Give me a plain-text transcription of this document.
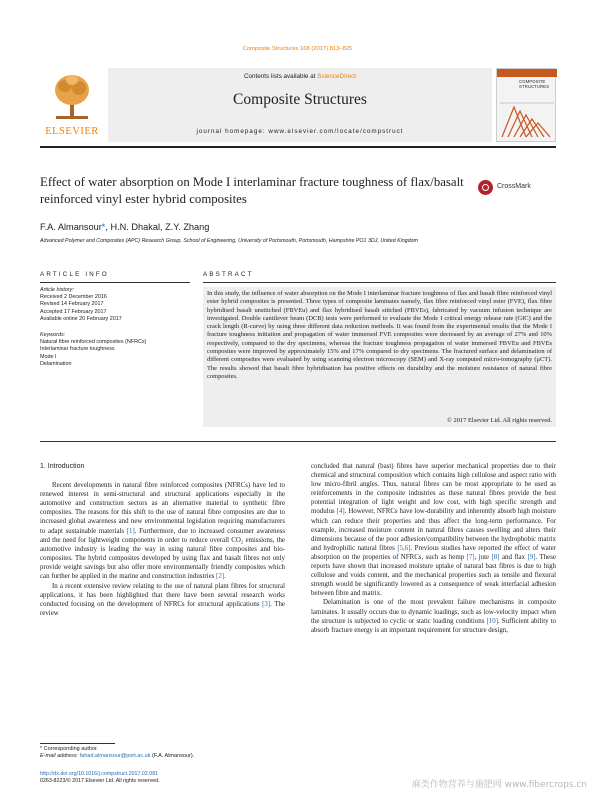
Composite Structures 168 (2017) 813–825
ELSEVIER
Contents lists available at ScienceDirect
Composite Structures
journal homepage: www.elsevier.com/locate/compstruct
COMPOSITE
STRUCTURES
Effect of water absorption on Mode I interlaminar fracture toughness of flax/basalt reinforced vinyl ester hybrid composites
CrossMark
F.A. Almansour*, H.N. Dhakal, Z.Y. Zhang
Advanced Polymer and Composites (APC) Research Group, School of Engineering, University of Portsmouth, Portsmouth, Hampshire PO1 3DJ, United Kingdom
ARTICLE INFO	ABSTRACT
Article history:
Received 2 December 2016
Revised 14 February 2017
Accepted 17 February 2017
Available online 20 February 2017
Keywords:
Natural fibre reinforced composites (NFRCs)
Interlaminar fracture toughness
Mode I
Delamination
In this study, the influence of water absorption on the Mode I interlaminar fracture toughness of flax and basalt fibre reinforced vinyl ester hybrid composites is presented. Three types of composite laminates namely, flax fibre reinforced vinyl ester (FVE), flax fibre hybridised basalt unstitched (FBVEu) and flax hybridised basalt stitched (FBVEs), fabricated by vacuum infusion technique are investigated. Double cantilever beam (DCB) tests were performed to evaluate the Mode I critical energy release rate (GIC) and the crack length (R-curve) by using three different data reduction methods. It was found from the experimental results that the Mode I fracture toughness initiation and propagation of water immersed FVE composites were decreased by an average of 27% and 10% respectively, compared to the dry specimens, whereas the fracture toughness propagation of water immersed FBVEu and FBVEs composites were improved by approximately 15% and 17% compared to dry specimens. The fractured surface and delamination of different composites were evaluated by using scanning electron microscopy (SEM) and X-ray computed micro-tomography (μCT). The results showed that basalt fibre hybridisation has positive effects on durability and the moisture resistance of natural fibre composites.
© 2017 Elsevier Ltd. All rights reserved.
1. Introduction

Recent developments in natural fibre reinforced composites (NFRCs) have led to renewed interest in semi-structural and structural applications especially in the automotive and construction sectors as an alternative material to synthetic fibre composites. The reasons for this shift to the use of natural fibre composites are due to increased global awareness and new environmental legislation requiring manufacturers to adapt sustainable materials [1]. Furthermore, due to increased consumer awareness and the need for lightweight components in order to reduce overall CO₂ emissions, the automotive industry is leading the way in using natural fibre composites and bio-composites. The hybrid composites developed by using flax and basalt fibres not only provide weight savings but also offer more environmentally friendly composites which can further be applied in the marine and construction industries [2].

In a recent extensive review relating to the use of natural plant fibres for structural applications, it has been highlighted that there have been several research works conducted focusing on the development of NFRCs for structural applications [3]. The review

concluded that natural (bast) fibres have superior mechanical properties due to their chemical and structural composition which contains high cellulose and aspect ratio with low micro-fibril angles. Thus, natural fibres can be most appropriate to be used as reinforcements in the composite industries as these natural fibres provide the best potential integration of light weight and low cost, with high specific strength and modulus [4]. However, NFRCs have low-durability and inherently absorb high moisture which can reduce their properties and thus affect the long-term performance. For example, increased moisture content in natural fibres causes swelling and alters their dimensions because of the poor adhesion/compatibility between the hydrophobic matrix and hydrophilic natural fibres [5,6]. Previous studies have reported the effect of water absorption on the properties of NFRCs, such as hemp [7], jute [8] and flax [9]. These reports have shown that increased moisture uptake of natural bast fibres is due to high cellulose and voids content, and the mechanical properties such as tensile and flexural strength would be significantly lowered as a consequence of weak interfacial adhesion between fibre and matrix.

Delamination is one of the most prevalent failure mechanisms in composite laminates. It usually occurs due to dynamic loadings, such as low-velocity impact when the structure is subjected to cyclic or static loading conditions [10]. Sufficient ability to absorb fracture energy is an important requirement for structure design,

* Corresponding author.
E-mail address: fahad.almansour@port.ac.uk (F.A. Almansour).
http://dx.doi.org/10.1016/j.compstruct.2017.02.081
0263-8223/© 2017 Elsevier Ltd. All rights reserved.	麻类作物营养与施肥网 www.fibercrops.cn
